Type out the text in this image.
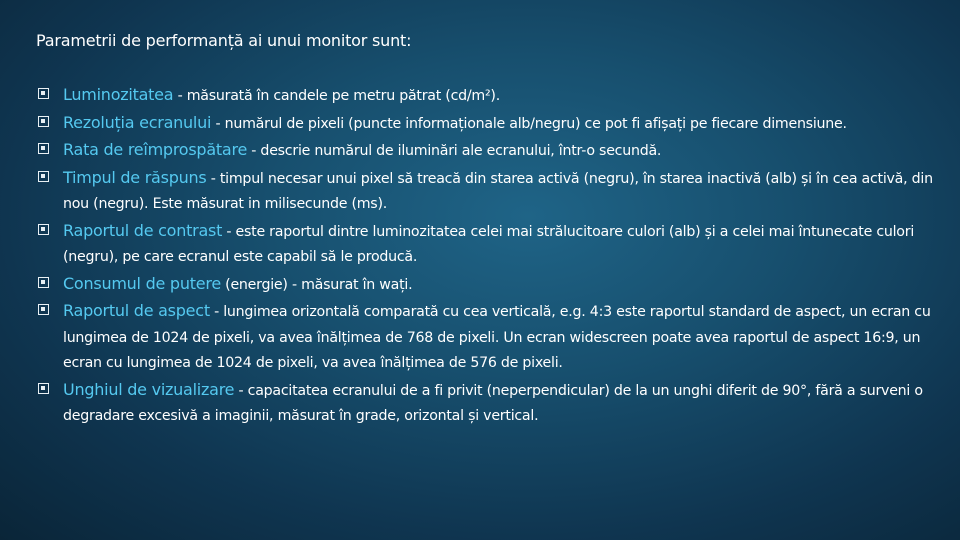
Parametrii de performanță ai unui monitor sunt:
Luminozitatea - măsurată în candele pe metru pătrat (cd/m²).
Rezoluția ecranului - numărul de pixeli (puncte informaționale alb/negru) ce pot fi afișați pe fiecare dimensiune.
Rata de reîmprospătare - descrie numărul de iluminări ale ecranului, într-o secundă.
Timpul de răspuns - timpul necesar unui pixel să treacă din starea activă (negru), în starea inactivă (alb) și în cea activă, din nou (negru). Este măsurat in milisecunde (ms).
Raportul de contrast - este raportul dintre luminozitatea celei mai strălucitoare culori (alb) și a celei mai întunecate culori (negru), pe care ecranul este capabil să le producă.
Consumul de putere (energie) - măsurat în wați.
Raportul de aspect - lungimea orizontală comparată cu cea verticală, e.g. 4:3 este raportul standard de aspect, un ecran cu lungimea de 1024 de pixeli, va avea înălțimea de 768 de pixeli. Un ecran widescreen poate avea raportul de aspect 16:9, un ecran cu lungimea de 1024 de pixeli, va avea înălțimea de 576 de pixeli.
Unghiul de vizualizare - capacitatea ecranului de a fi privit (neperpendicular) de la un unghi diferit de 90°, fără a surveni o degradare excesivă a imaginii, măsurat în grade, orizontal și vertical.
